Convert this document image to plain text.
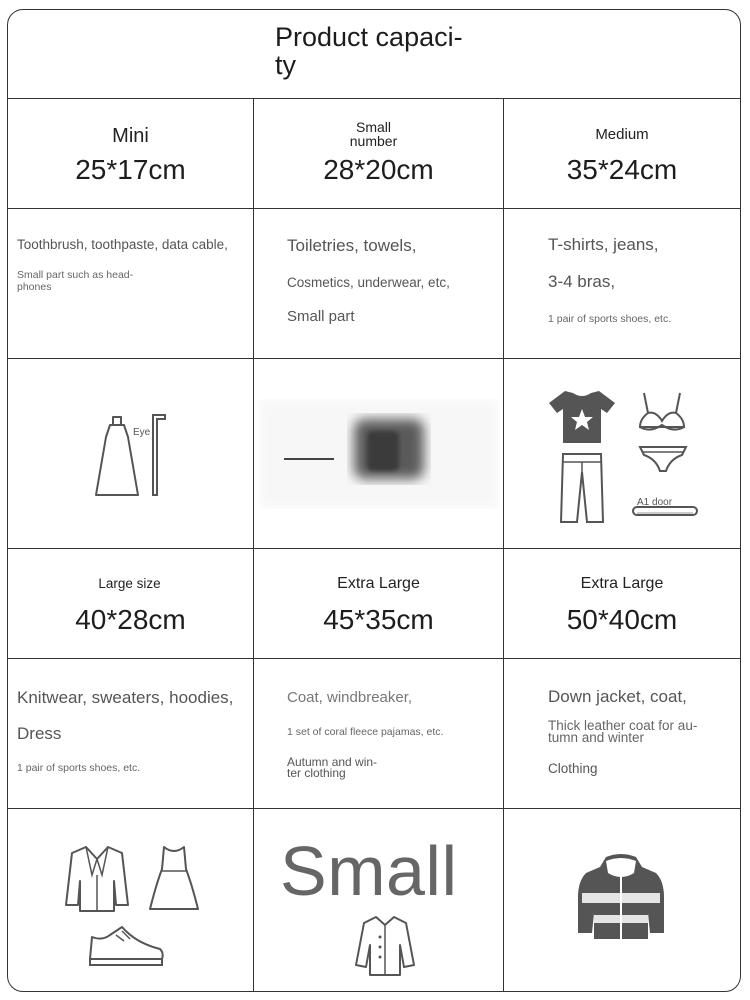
Product capaci-
ty
Mini
25*17cm
Small
number
28*20cm
Medium
35*24cm
Toothbrush, toothpaste, data cable,
Small part such as head-
phones
Toiletries, towels,
Cosmetics, underwear, etc,
Small part
T-shirts, jeans,
3-4 bras,
1 pair of sports shoes, etc.
Eye
A1 door
Large size
40*28cm
Extra Large
45*35cm
Extra Large
50*40cm
Knitwear, sweaters, hoodies,
Dress
1 pair of sports shoes, etc.
Coat, windbreaker,
1 set of coral fleece pajamas, etc.
Autumn and win-
ter clothing
Down jacket, coat,
Thick leather coat for au-
tumn and winter
Clothing
Small
